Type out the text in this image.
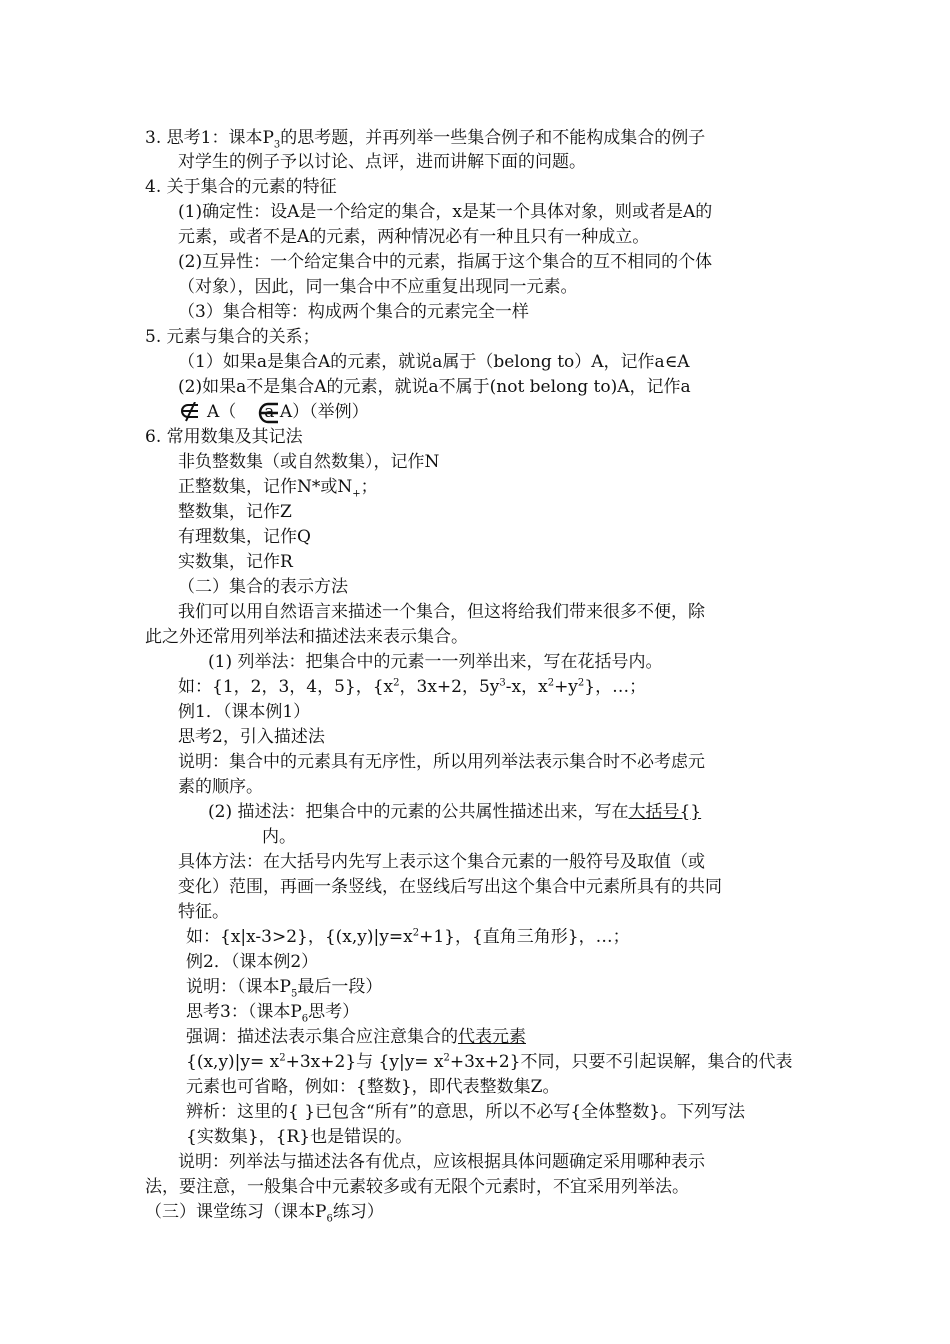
3. 思考1：课本$P_3$的思考题，并再列举一些集合例子和不能构成集合的例子
对学生的例子予以讨论、点评，进而讲解下面的问题。
4. 关于集合的元素的特征
(1)确定性：设A是一个给定的集合，x是某一个具体对象，则或者是A的
元素，或者不是A的元素，两种情况必有一种且只有一种成立。
(2)互异性：一个给定集合中的元素，指属于这个集合的互不相同的个体
（对象），因此，同一集合中不应重复出现同一元素。
（3）集合相等：构成两个集合的元素完全一样
5. 元素与集合的关系；
（1）如果a是集合A的元素，就说a属于（belong to）A，记作a∈A
(2)如果a不是集合A的元素，就说a不属于(not belong to)A，记作a
A（ a A）（举例）
6. 常用数集及其记法
非负整数集（或自然数集），记作N
正整数集，记作N*或$N_+$；
整数集，记作Z
有理数集，记作Q
实数集，记作R
（二）集合的表示方法
我们可以用自然语言来描述一个集合，但这将给我们带来很多不便，除
此之外还常用列举法和描述法来表示集合。
(1) 列举法：把集合中的元素一一列举出来，写在花括号内。
如：{1，2，3，4，5}，{$x^2$，3x+2，$5y^3-x$，$x^2+y^2$}，…；
例1．（课本例1）
思考2，引入描述法
说明：集合中的元素具有无序性，所以用列举法表示集合时不必考虑元
素的顺序。
(2) 描述法：把集合中的元素的公共属性描述出来，写在大括号{}
内。
具体方法：在大括号内先写上表示这个集合元素的一般符号及取值（或
变化）范围，再画一条竖线，在竖线后写出这个集合中元素所具有的共同
特征。
如：{x|x-3>2}，$\{(x,y)|y=x^2+1\}$，{直角三角形}，…；
例2．（课本例2）
说明：（课本$P_5$最后一段）
思考3：（课本$P_6$思考）
强调：描述法表示集合应注意集合的代表元素
$\{(x,y)|y= x^2+3x+2\}$与 $\{y|y= x^2+3x+2\}$不同，只要不引起误解，集合的代表
元素也可省略，例如：{整数}，即代表整数集Z。
辨析：这里的{ }已包含“所有”的意思，所以不必写{全体整数}。下列写法
{实数集}，{R}也是错误的。
说明：列举法与描述法各有优点，应该根据具体问题确定采用哪种表示
法，要注意，一般集合中元素较多或有无限个元素时，不宜采用列举法。
（三）课堂练习（课本$P_6$练习）
